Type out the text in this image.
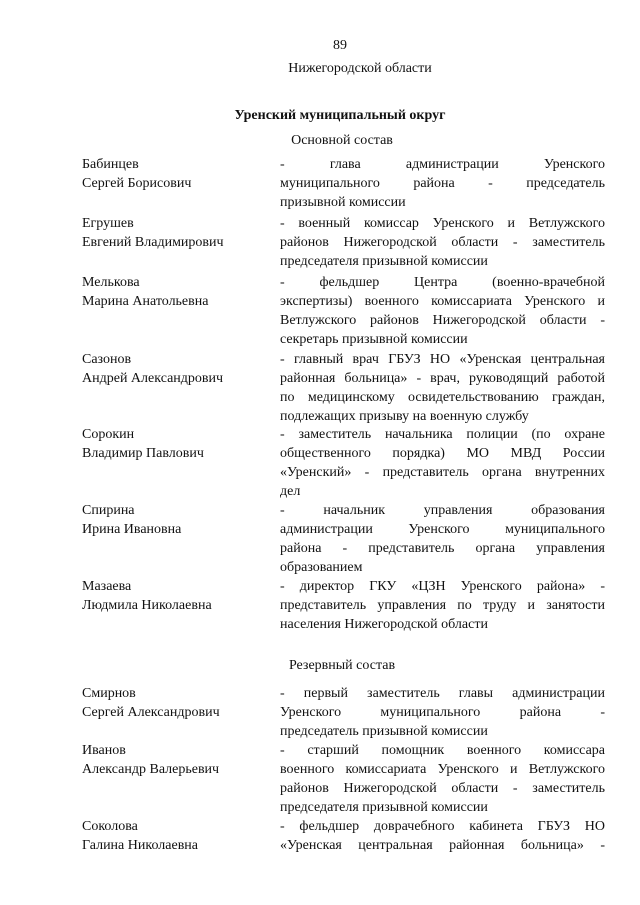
89
Нижегородской области
Уренский муниципальный округ
Основной состав
Бабинцев
Сергей Борисович
- глава администрации Уренского
муниципального района - председатель
призывной комиссии
Егрушев
Евгений Владимирович
- военный комиссар Уренского и Ветлужского
районов Нижегородской области - заместитель
председателя призывной комиссии
Мелькова
Марина Анатольевна
- фельдшер Центра (военно-врачебной
экспертизы) военного комиссариата Уренского и
Ветлужского районов Нижегородской области -
секретарь призывной комиссии
Сазонов
Андрей Александрович
- главный врач ГБУЗ НО «Уренская центральная
районная больница» - врач, руководящий работой
по медицинскому освидетельствованию граждан,
подлежащих призыву на военную службу
Сорокин
Владимир Павлович
- заместитель начальника полиции (по охране
общественного порядка) МО МВД России
«Уренский» - представитель органа внутренних
дел
Спирина
Ирина Ивановна
- начальник управления образования
администрации Уренского муниципального
района - представитель органа управления
образованием
Мазаева
Людмила Николаевна
- директор ГКУ «ЦЗН Уренского района» -
представитель управления по труду и занятости
населения Нижегородской области
Резервный состав
Смирнов
Сергей Александрович
- первый заместитель главы администрации
Уренского муниципального района -
председатель призывной комиссии
Иванов
Александр Валерьевич
- старший помощник военного комиссара
военного комиссариата Уренского и Ветлужского
районов Нижегородской области - заместитель
председателя призывной комиссии
Соколова
Галина Николаевна
- фельдшер доврачебного кабинета ГБУЗ НО
«Уренская центральная районная больница» -
